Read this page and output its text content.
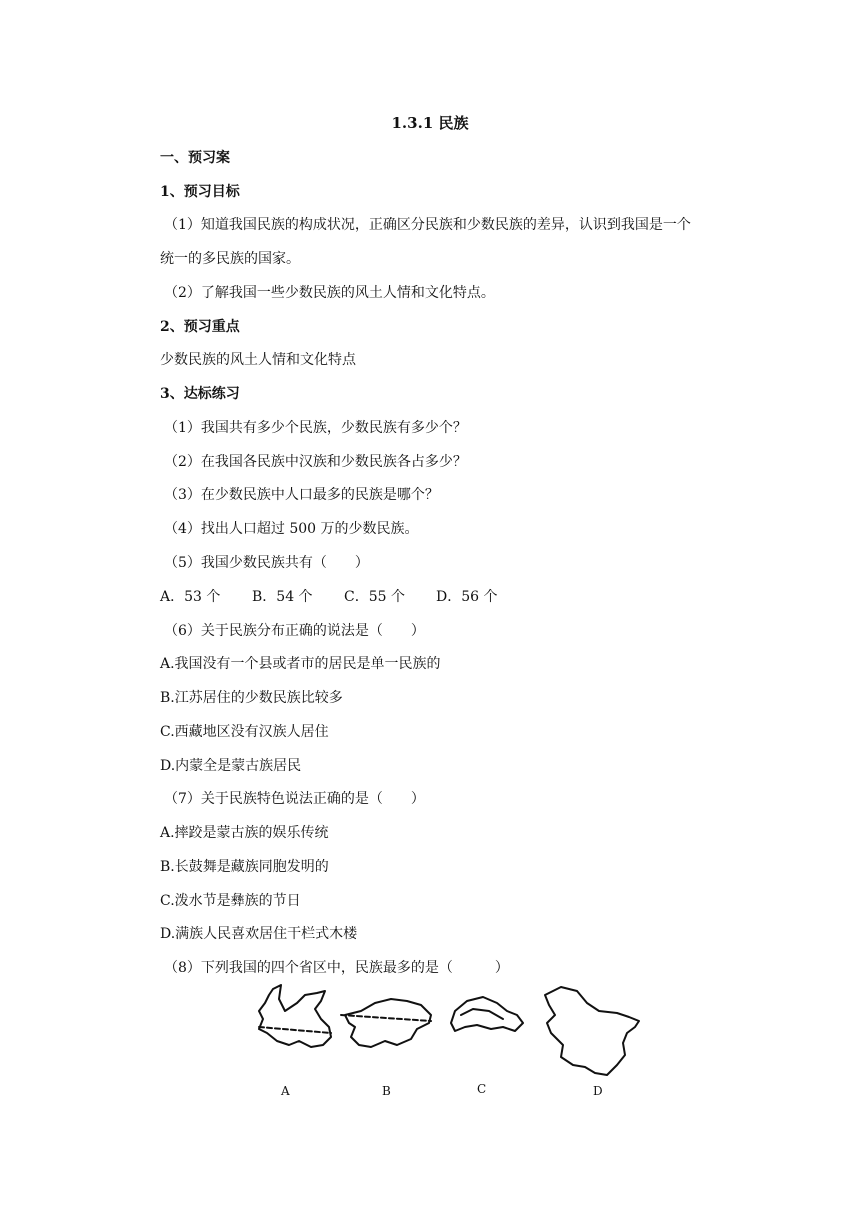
1.3.1 民族
一、预习案
1、预习目标
（1）知道我国民族的构成状况，正确区分民族和少数民族的差异，认识到我国是一个
统一的多民族的国家。
（2）了解我国一些少数民族的风土人情和文化特点。
2、预习重点
少数民族的风土人情和文化特点
3、达标练习
（1）我国共有多少个民族，少数民族有多少个？
（2）在我国各民族中汉族和少数民族各占多少？
（3）在少数民族中人口最多的民族是哪个？
（4）找出人口超过 500 万的少数民族。
（5）我国少数民族共有（　　）
A．53 个 B．54 个 C．55 个 D．56 个
（6）关于民族分布正确的说法是（　　）
A.我国没有一个县或者市的居民是单一民族的
B.江苏居住的少数民族比较多
C.西藏地区没有汉族人居住
D.内蒙全是蒙古族居民
（7）关于民族特色说法正确的是（　　）
A.摔跤是蒙古族的娱乐传统
B.长鼓舞是藏族同胞发明的
C.泼水节是彝族的节日
D.满族人民喜欢居住干栏式木楼
（8）下列我国的四个省区中，民族最多的是（　　　）
A	B	C	D
